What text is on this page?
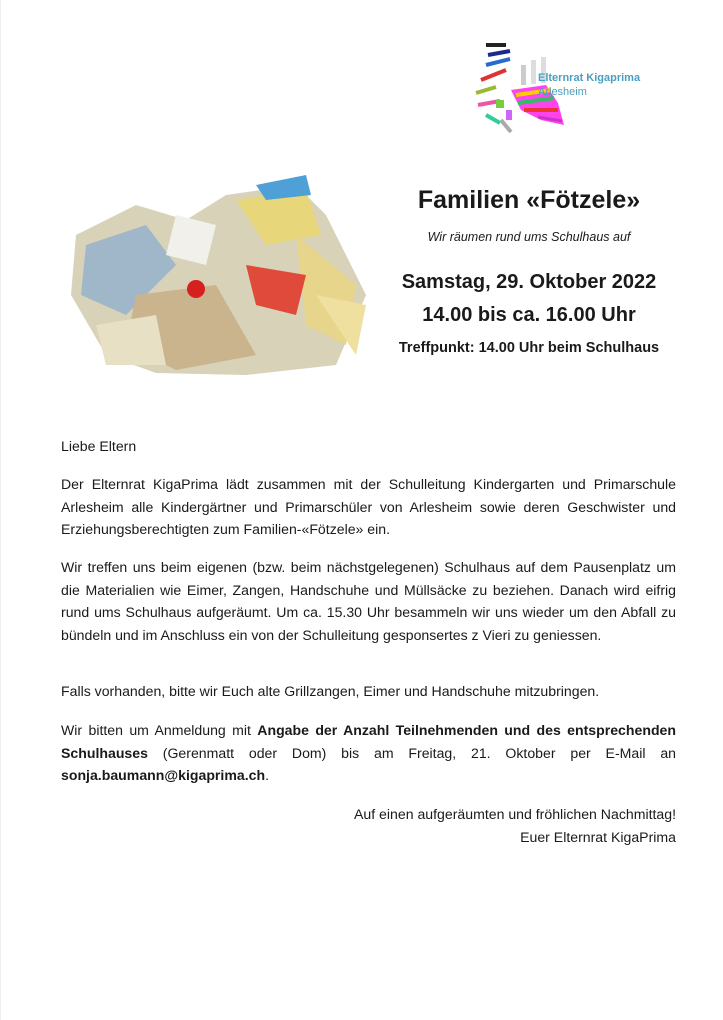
Elternrat Kigaprima
Arlesheim
Familien «Fötzele»
Wir räumen rund ums Schulhaus auf
Samstag, 29. Oktober 2022
14.00 bis ca. 16.00 Uhr
Treffpunkt: 14.00 Uhr beim Schulhaus
Liebe Eltern
Der Elternrat KigaPrima lädt zusammen mit der Schulleitung Kindergarten und Primarschule Arlesheim alle Kindergärtner und Primarschüler von Arlesheim sowie deren Geschwister und Erziehungsberechtigten zum Familien-«Fötzele» ein.
Wir treffen uns beim eigenen (bzw. beim nächstgelegenen) Schulhaus auf dem Pausenplatz um die Materialien wie Eimer, Zangen, Handschuhe und Müllsäcke zu beziehen. Danach wird eifrig rund ums Schulhaus aufgeräumt. Um ca. 15.30 Uhr besammeln wir uns wieder um den Abfall zu bündeln und im Anschluss ein von der Schulleitung gesponsertes z Vieri zu geniessen.
Falls vorhanden, bitte wir Euch alte Grillzangen, Eimer und Handschuhe mitzubringen.
Wir bitten um Anmeldung mit Angabe der Anzahl Teilnehmenden und des entsprechenden Schulhauses (Gerenmatt oder Dom) bis am Freitag, 21. Oktober per E-Mail an sonja.baumann@kigaprima.ch.
Auf einen aufgeräumten und fröhlichen Nachmittag!
Euer Elternrat KigaPrima
